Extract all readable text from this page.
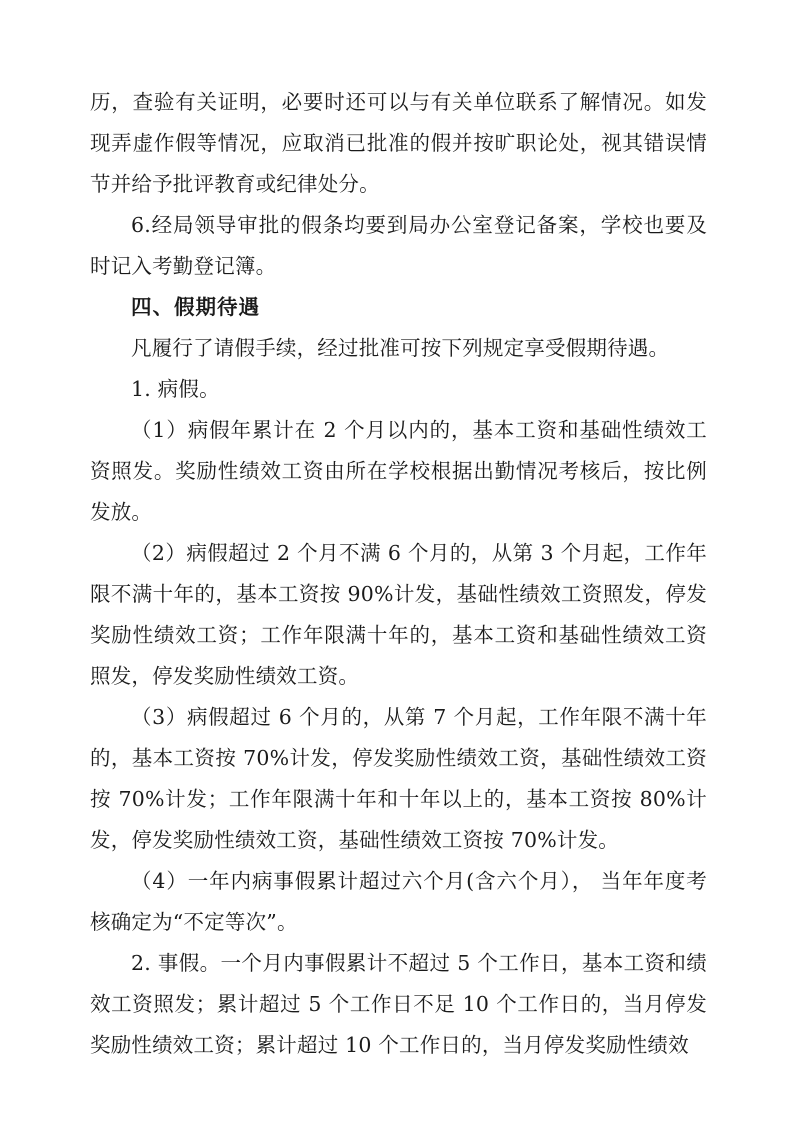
历，查验有关证明，必要时还可以与有关单位联系了解情况。如发现弄虚作假等情况，应取消已批准的假并按旷职论处，视其错误情节并给予批评教育或纪律处分。

6.经局领导审批的假条均要到局办公室登记备案，学校也要及时记入考勤登记簿。

四、假期待遇

凡履行了请假手续，经过批准可按下列规定享受假期待遇。

1. 病假。

（1）病假年累计在 2 个月以内的，基本工资和基础性绩效工资照发。奖励性绩效工资由所在学校根据出勤情况考核后，按比例发放。

（2）病假超过 2 个月不满 6 个月的，从第 3 个月起，工作年限不满十年的，基本工资按 90%计发，基础性绩效工资照发，停发奖励性绩效工资；工作年限满十年的，基本工资和基础性绩效工资照发，停发奖励性绩效工资。

（3）病假超过 6 个月的，从第 7 个月起，工作年限不满十年的，基本工资按 70%计发，停发奖励性绩效工资，基础性绩效工资按 70%计发；工作年限满十年和十年以上的，基本工资按 80%计发，停发奖励性绩效工资，基础性绩效工资按 70%计发。

（4）一年内病事假累计超过六个月(含六个月）， 当年年度考核确定为“不定等次”。

2. 事假。一个月内事假累计不超过 5 个工作日，基本工资和绩效工资照发；累计超过 5 个工作日不足 10 个工作日的，当月停发奖励性绩效工资；累计超过 10 个工作日的，当月停发奖励性绩效
